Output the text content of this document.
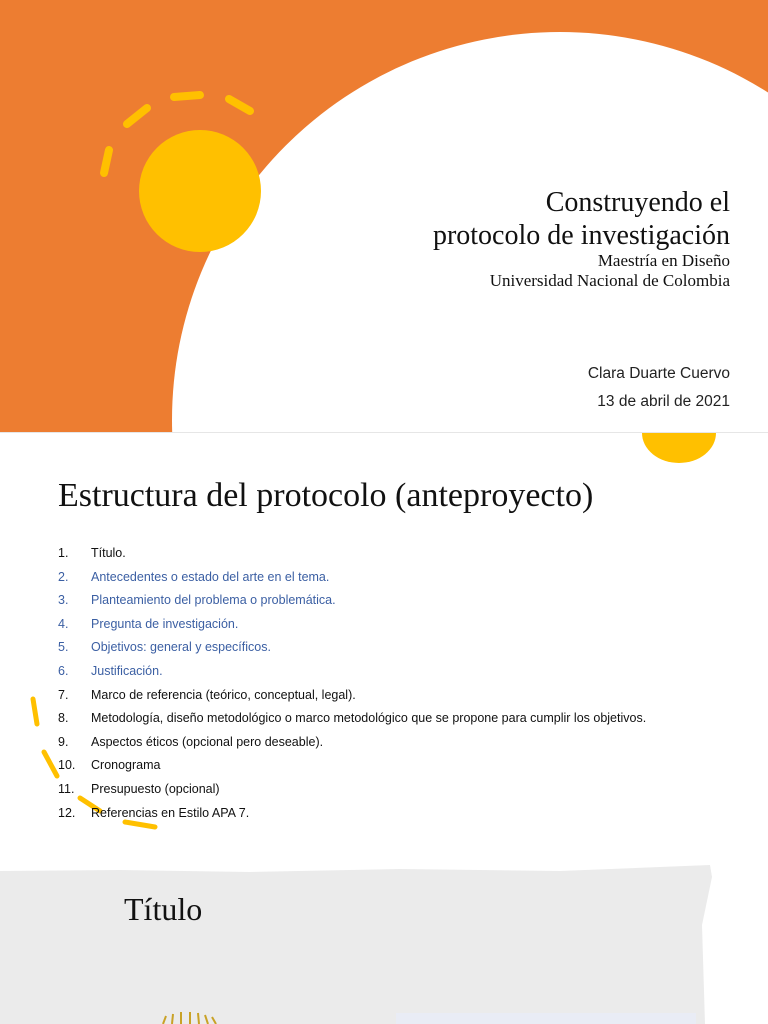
Construyendo el
protocolo de investigación
Maestría en Diseño
Universidad Nacional de Colombia
Clara Duarte Cuervo
13 de abril de 2021
Estructura del protocolo (anteproyecto)
1.	Título.
2.	Antecedentes o estado del arte en el tema.
3.	Planteamiento del problema o problemática.
4.	Pregunta de investigación.
5.	Objetivos: general y específicos.
6.	Justificación.
7.	Marco de referencia (teórico, conceptual, legal).
8.	Metodología, diseño metodológico o marco metodológico que se propone para cumplir los objetivos.
9.	Aspectos éticos (opcional pero deseable).
10.	Cronograma
11.	Presupuesto (opcional)
12.	Referencias en Estilo APA 7.
Título
